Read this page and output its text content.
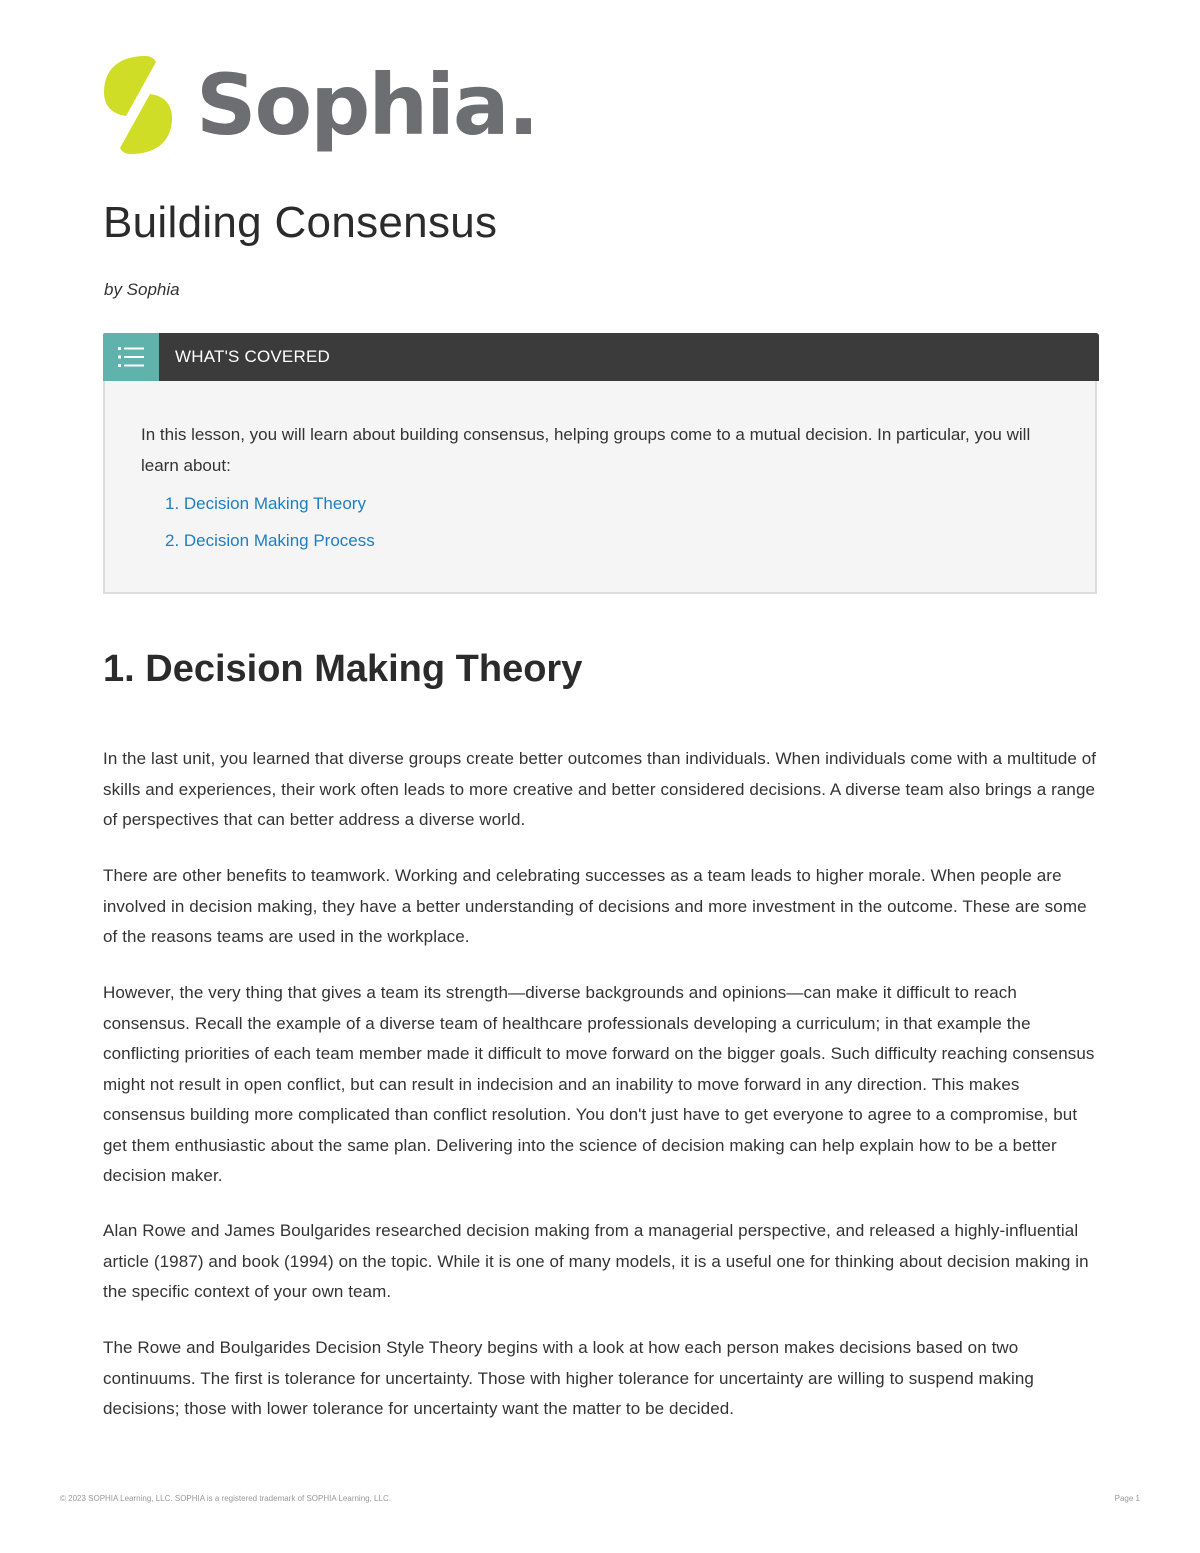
Sophia .
Building Consensus
by Sophia
WHAT'S COVERED

In this lesson, you will learn about building consensus, helping groups come to a mutual decision. In particular, you will learn about:

1. Decision Making Theory
2. Decision Making Process
1. Decision Making Theory

In the last unit, you learned that diverse groups create better outcomes than individuals. When individuals come with a multitude of skills and experiences, their work often leads to more creative and better considered decisions. A diverse team also brings a range of perspectives that can better address a diverse world.

There are other benefits to teamwork. Working and celebrating successes as a team leads to higher morale. When people are involved in decision making, they have a better understanding of decisions and more investment in the outcome. These are some of the reasons teams are used in the workplace.

However, the very thing that gives a team its strength—diverse backgrounds and opinions—can make it difficult to reach consensus. Recall the example of a diverse team of healthcare professionals developing a curriculum; in that example the conflicting priorities of each team member made it difficult to move forward on the bigger goals. Such difficulty reaching consensus might not result in open conflict, but can result in indecision and an inability to move forward in any direction. This makes consensus building more complicated than conflict resolution. You don't just have to get everyone to agree to a compromise, but get them enthusiastic about the same plan. Delivering into the science of decision making can help explain how to be a better decision maker.

Alan Rowe and James Boulgarides researched decision making from a managerial perspective, and released a highly-influential article (1987) and book (1994) on the topic. While it is one of many models, it is a useful one for thinking about decision making in the specific context of your own team.

The Rowe and Boulgarides Decision Style Theory begins with a look at how each person makes decisions based on two continuums. The first is tolerance for uncertainty. Those with higher tolerance for uncertainty are willing to suspend making decisions; those with lower tolerance for uncertainty want the matter to be decided.

© 2023 SOPHIA Learning, LLC. SOPHIA is a registered trademark of SOPHIA Learning, LLC.	Page 1
